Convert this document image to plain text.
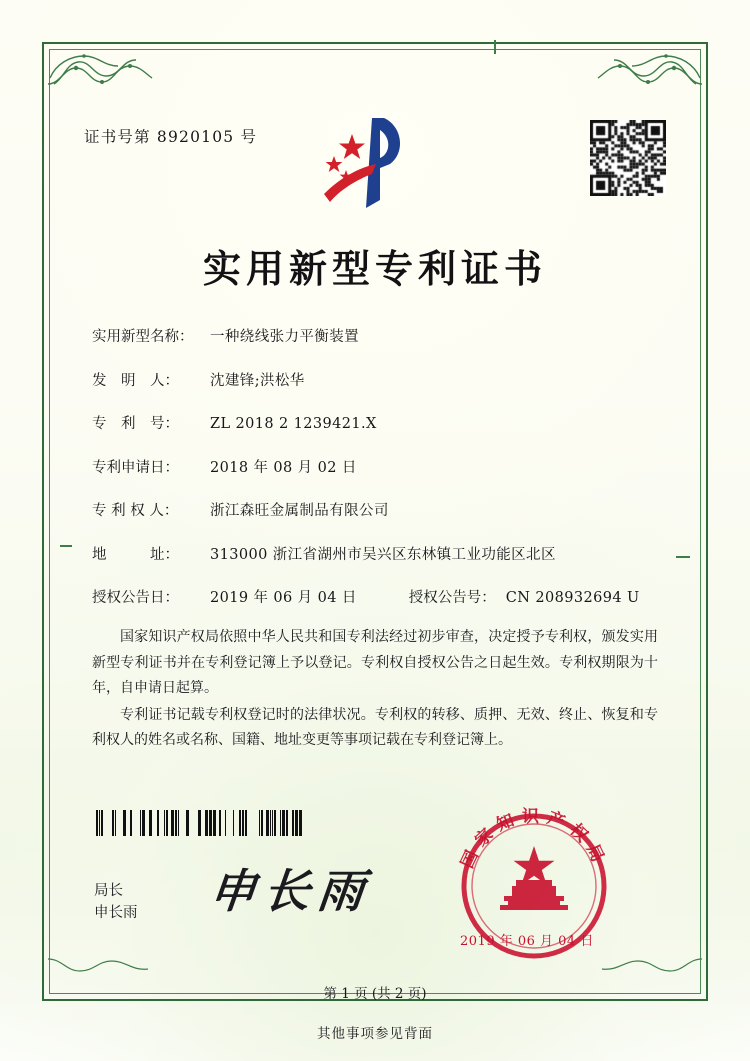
证书号第 8920105 号
实用新型专利证书
实用新型名称：	一种绕线张力平衡装置
发　明　人：	沈建锋;洪松华
专　利　号：	ZL 2018 2 1239421.X
专利申请日：	2018 年 08 月 02 日
专 利 权 人：	浙江森旺金属制品有限公司
地　　　址：	313000 浙江省湖州市吴兴区东林镇工业功能区北区
授权公告日：	2019 年 06 月 04 日	授权公告号： CN 208932694 U

国家知识产权局依照中华人民共和国专利法经过初步审查，决定授予专利权，颁发实用新型专利证书并在专利登记簿上予以登记。专利权自授权公告之日起生效。专利权期限为十年，自申请日起算。

专利证书记载专利权登记时的法律状况。专利权的转移、质押、无效、终止、恢复和专利权人的姓名或名称、国籍、地址变更等事项记载在专利登记簿上。

局长
申长雨 申长雨
国家知识产权局
2019 年 06 月 04 日
第 1 页 (共 2 页)
其他事项参见背面
